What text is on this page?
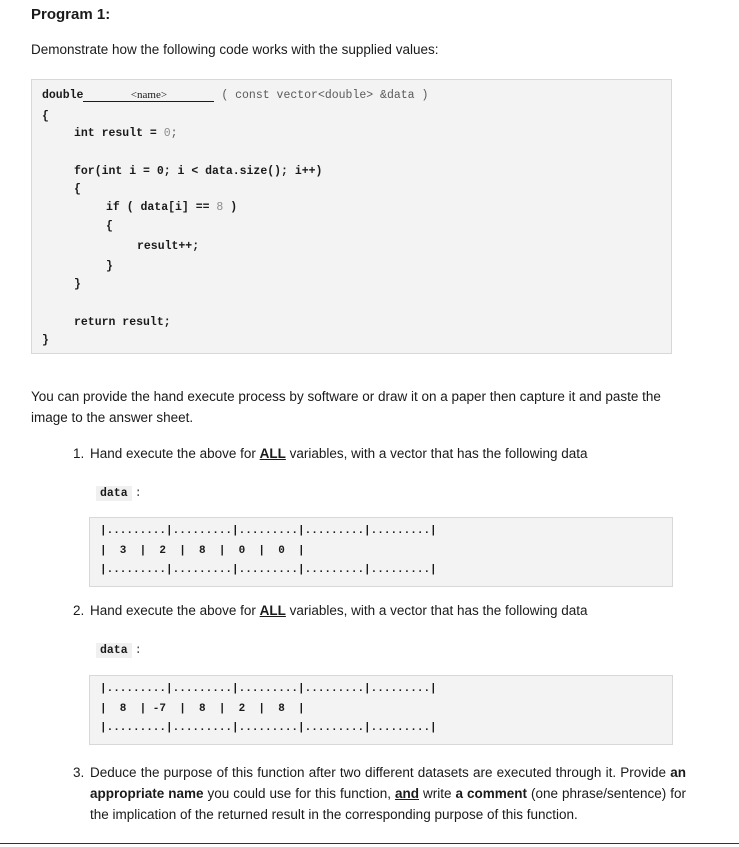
Program 1:
Demonstrate how the following code works with the supplied values:
double	<name>	( const vector<double> &data )
{
int result = 0;
for(int i = 0; i < data.size(); i++)
{
if ( data[i] == 8 )
{
result++;
}
}
return result;
}
You can provide the hand execute process by software or draw it on a paper then capture it and paste the image to the answer sheet.
1. Hand execute the above for ALL variables, with a vector that has the following data
data :
|.........|.........|.........|.........|.........|
|  3  |  2  |  8  |  0  |  0  |
|.........|.........|.........|.........|.........|
2. Hand execute the above for ALL variables, with a vector that has the following data
data :
|.........|.........|.........|.........|.........|
|  8  | -7  |  8  |  2  |  8  |
|.........|.........|.........|.........|.........|
3. Deduce the purpose of this function after two different datasets are executed through it. Provide an appropriate name you could use for this function, and write a comment (one phrase/sentence) for the implication of the returned result in the corresponding purpose of this function.
